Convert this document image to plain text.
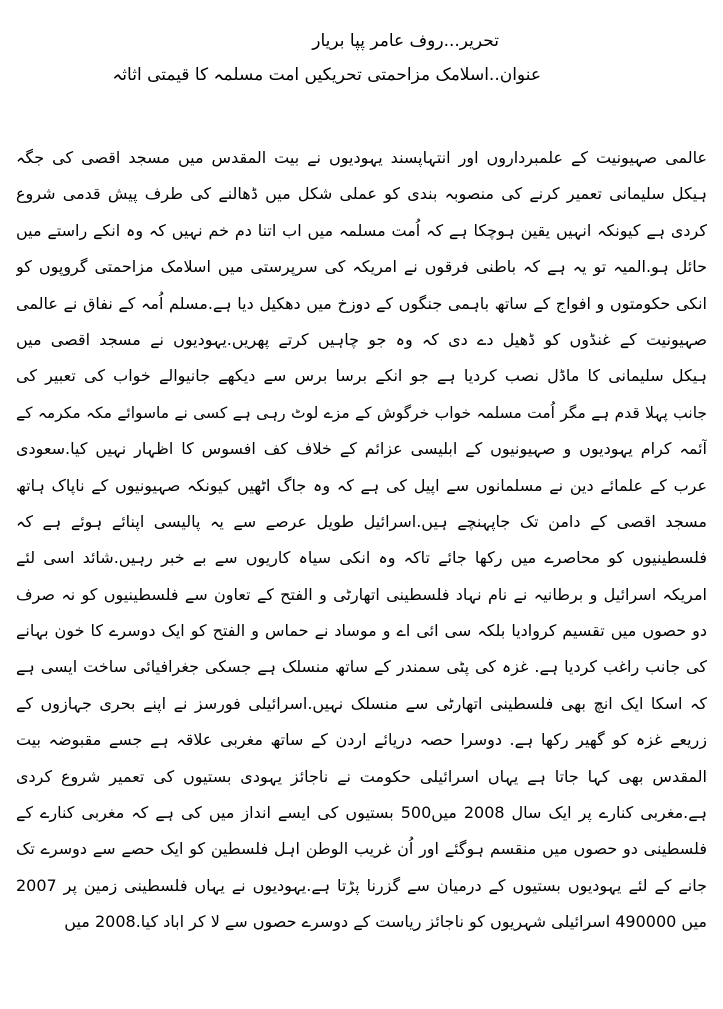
تحریر...روف عامر پپا بریار
عنوان..اسلامک مزاحمتی تحریکیں امت مسلمہ کا قیمتی اثاثہ
عالمی صہیونیت کے علمبرداروں اور انتہاپسند یہودیوں نے بیت المقدس میں مسجد اقصی کی جگہ
ہیکل سلیمانی تعمیر کرنے کی منصوبہ بندی کو عملی شکل میں ڈھالنے کی طرف پیش قدمی شروع
کردی ہے کیونکہ انہیں یقین ہوچکا ہے کہ اُمت مسلمہ میں اب اتنا دم خم نہیں کہ وہ انکے راستے میں
حائل ہو.المیہ تو یہ ہے کہ باطنی فرقوں نے امریکہ کی سرپرستی میں اسلامک مزاحمتی گروپوں کو
انکی حکومتوں و افواج کے ساتھ باہمی جنگوں کے دوزخ میں دھکیل دیا ہے.مسلم اُمہ کے نفاق نے عالمی
صہیونیت کے غنڈوں کو ڈھیل دے دی کہ وہ جو چاہیں کرتے پھریں.یہودیوں نے مسجد اقصی میں
ہیکل سلیمانی کا ماڈل نصب کردیا ہے جو انکے برسا برس سے دیکھے جانیوالے خواب کی تعبیر کی
جانب پہلا قدم ہے مگر اُمت مسلمہ خواب خرگوش کے مزے لوٹ رہی ہے کسی نے ماسوائے مکہ مکرمہ کے
آئمہ کرام یہودیوں و صہیونیوں کے ابلیسی عزائم کے خلاف کف افسوس کا اظہار نہیں کیا.سعودی
عرب کے علمائے دین نے مسلمانوں سے اپیل کی ہے کہ وہ جاگ اٹھیں کیونکہ صہیونیوں کے ناپاک ہاتھ
مسجد اقصی کے دامن تک جاپہنچے ہیں.اسرائیل طویل عرصے سے یہ پالیسی اپنائے ہوئے ہے کہ
فلسطینیوں کو محاصرے میں رکھا جائے تاکہ وہ انکی سیاہ کاریوں سے بے خبر رہیں.شائد اسی لئے
امریکہ اسرائیل و برطانیہ نے نام نہاد فلسطینی اتھارٹی و الفتح کے تعاون سے فلسطینیوں کو نہ صرف
دو حصوں میں تقسیم کروادیا بلکہ سی ائی اے و موساد نے حماس و الفتح کو ایک دوسرے کا خون بہانے
کی جانب راغب کردیا ہے. غزہ کی پٹی سمندر کے ساتھ منسلک ہے جسکی جغرافیائی ساخت ایسی ہے
کہ اسکا ایک انچ بھی فلسطینی اتھارٹی سے منسلک نہیں.اسرائیلی فورسز نے اپنے بحری جہازوں کے
زریعے غزہ کو گھیر رکھا ہے. دوسرا حصہ دریائے اردن کے ساتھ مغربی علاقہ ہے جسے مقبوضہ بیت
المقدس بھی کہا جاتا ہے یہاں اسرائیلی حکومت نے ناجائز یہودی بستیوں کی تعمیر شروع کردی
ہے.مغربی کنارے پر ایک سال 2008 میں500 بستیوں کی ایسے انداز میں کی ہے کہ مغربی کنارے کے
فلسطینی دو حصوں میں منقسم ہوگئے اور اُن غریب الوطن اہل فلسطین کو ایک حصے سے دوسرے تک
جانے کے لئے یہودیوں بستیوں کے درمیان سے گزرنا پڑتا ہے.یہودیوں نے یہاں فلسطینی زمین پر 2007
میں 490000 اسرائیلی شہریوں کو ناجائز ریاست کے دوسرے حصوں سے لا کر اباد کیا.2008 میں
